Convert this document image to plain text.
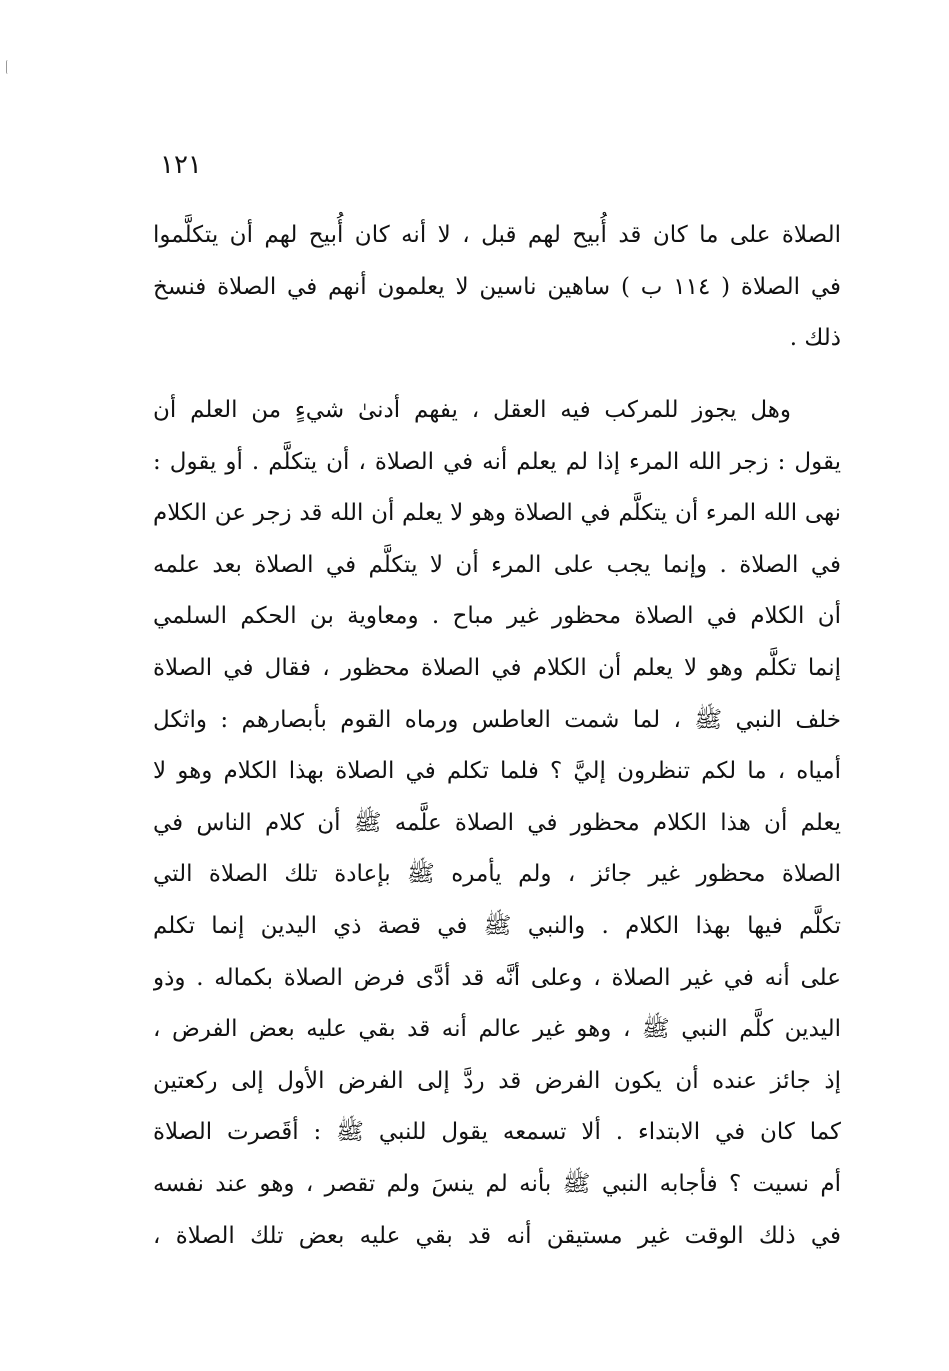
١٢١
الصلاة على ما كان قد أُبيح لهم قبل ، لا أنه كان أُبيح لهم أن يتكلَّموا
في الصلاة ( ١١٤ ب ) ساهين ناسين لا يعلمون أنهم في الصلاة فنسخ
ذلك .
وهل يجوز للمركب فيه العقل ، يفهم أدنىٰ شيءٍ من العلم أن
يقول : زجر الله المرء إذا لم يعلم أنه في الصلاة ، أن يتكلَّم . أو يقول :
نهى الله المرء أن يتكلَّم في الصلاة وهو لا يعلم أن الله قد زجر عن الكلام
في الصلاة . وإنما يجب على المرء أن لا يتكلَّم في الصلاة بعد علمه
أن الكلام في الصلاة محظور غير مباح . ومعاوية بن الحكم السلمي
إنما تكلَّم وهو لا يعلم أن الكلام في الصلاة محظور ، فقال في الصلاة
خلف النبي ﷺ ، لما شمت العاطس ورماه القوم بأبصارهم : واثكل
أمياه ، ما لكم تنظرون إليَّ ؟ فلما تكلم في الصلاة بهذا الكلام وهو لا
يعلم أن هذا الكلام محظور في الصلاة علَّمه ﷺ أن كلام الناس في
الصلاة محظور غير جائز ، ولم يأمره ﷺ بإعادة تلك الصلاة التي
تكلَّم فيها بهذا الكلام . والنبي ﷺ في قصة ذي اليدين إنما تكلم
على أنه في غير الصلاة ، وعلى أنَّه قد أدَّى فرض الصلاة بكماله . وذو
اليدين كلَّم النبي ﷺ ، وهو غير عالم أنه قد بقي عليه بعض الفرض ،
إذ جائز عنده أن يكون الفرض قد ردَّ إلى الفرض الأول إلى ركعتين
كما كان في الابتداء . ألا تسمعه يقول للنبي ﷺ : أقَصرت الصلاة
أم نسيت ؟ فأجابه النبي ﷺ بأنه لم ينسَ ولم تقصر ، وهو عند نفسه
في ذلك الوقت غير مستيقن أنه قد بقي عليه بعض تلك الصلاة ،
